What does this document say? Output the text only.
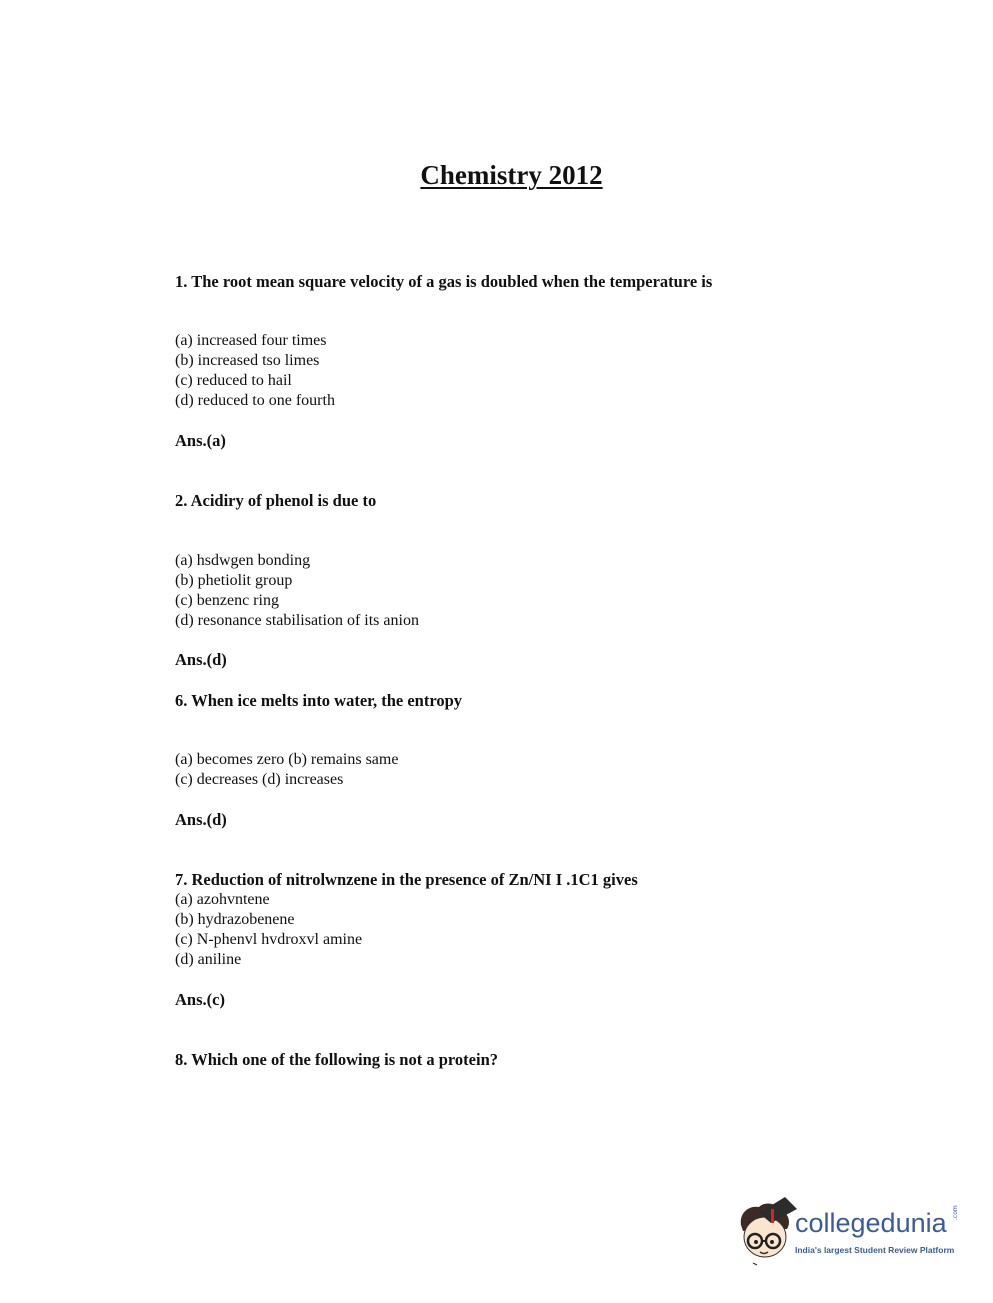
Chemistry 2012
1. The root mean square velocity of a gas is doubled when the temperature is
(a) increased four times
(b) increased tso limes
(c) reduced to hail
(d) reduced to one fourth
Ans.(a)
2. Acidiry of phenol is due to
(a) hsdwgen bonding
(b) phetiolit group
(c) benzenc ring
(d) resonance stabilisation of its anion
Ans.(d)
6. When ice melts into water, the entropy
(a) becomes zero (b) remains same
(c) decreases (d) increases
Ans.(d)
7. Reduction of nitrolwnzene in the presence of Zn/NI I .1C1 gives
(a) azohvntene
(b) hydrazobenene
(c) N-phenvl hvdroxvl amine
(d) aniline
Ans.(c)
8. Which one of the following is not a protein?
collegedunia .com
India's largest Student Review Platform
